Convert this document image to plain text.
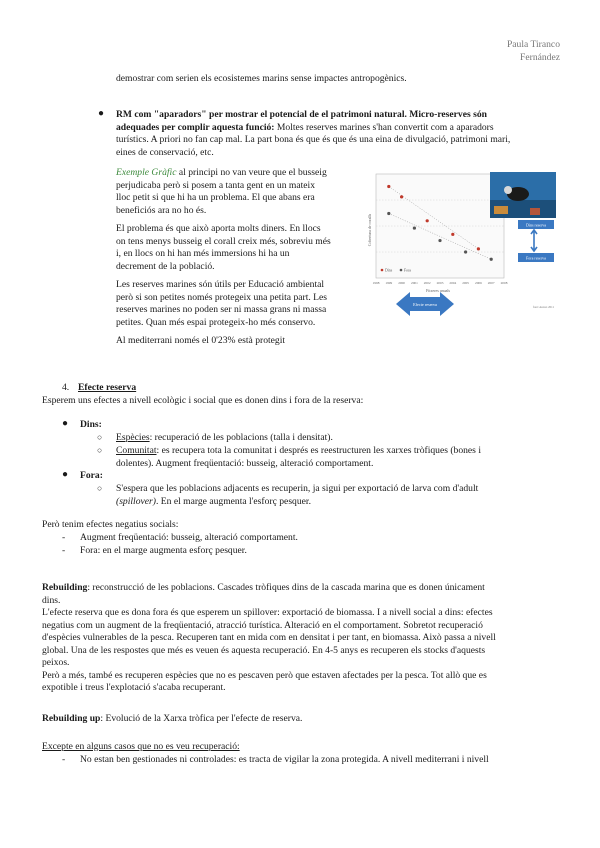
Paula Tiranco
Fernández
demostrar com serien els ecosistemes marins sense impactes antropogènics.
● RM com "aparadors" per mostrar el potencial de el patrimoni natural. Micro-reserves són
adequades per complir aquesta funció: Moltes reserves marines s'han convertit com a aparadors
turístics. A priori no fan cap mal. La part bona és que és que és una eina de divulgació, patrimoni mari,
eines de conservació, etc.
Exemple Gràfic al principi no van veure que el busseig
perjudicaba però si posem a tanta gent en un mateix
lloc petit si que hi ha un problema. El que abans era
beneficiós ara no ho és.
El problema és que això aporta molts diners. En llocs
on tens menys busseig el corall creix més, sobreviu més
i, en llocs on hi han més immersions hi ha un
decrement de la població.
Les reserves marines són útils per Educació ambiental
però si son petites només protegeix una petita part. Les
reserves marines no poden ser ni massa grans ni massa
petites. Quan més espai protegeix-ho més conservo.
Al mediterrani només el 0'23% està protegit
1998 1999 2000 2001 2002 2003 2004 2005 2006 2007 2008
Fitxeres anuals
Cobertura de coralls
Dins	Fora
Dins reserva
Fora reserva
Efecte reserva	font: Autors 2011
4. Efecte reserva
Esperem uns efectes a nivell ecològic i social que es donen dins i fora de la reserva:
● Dins:
○ Espècies: recuperació de les poblacions (talla i densitat).
○ Comunitat: es recupera tota la comunitat i després es reestructuren les xarxes tròfiques (bones i
dolentes). Augment freqüentació: busseig, alteració comportament.
● Fora:
○ S'espera que les poblacions adjacents es recuperin, ja sigui per exportació de larva com d'adult
(spillover). En el marge augmenta l'esforç pesquer.
Però tenim efectes negatius socials:
- Augment freqüentació: busseig, alteració comportament.
- Fora: en el marge augmenta esforç pesquer.
Rebuilding: reconstrucció de les poblacions. Cascades tròfiques dins de la cascada marina que es donen únicament
dins.
L'efecte reserva que es dona fora és que esperem un spillover: exportació de biomassa. I a nivell social a dins: efectes
negatius com un augment de la freqüentació, atracció turística. Alteració en el comportament. Sobretot recuperació
d'espècies vulnerables de la pesca. Recuperen tant en mida com en densitat i per tant, en biomassa. Això passa a nivell
global. Una de les respostes que més es veuen és aquesta recuperació. En 4-5 anys es recuperen els stocks d'aquests
peixos.
Però a més, també es recuperen espècies que no es pescaven però que estaven afectades per la pesca. Tot allò que es
expotible i treus l'explotació s'acaba recuperant.
Rebuilding up: Evolució de la Xarxa tròfica per l'efecte de reserva.
Excepte en alguns casos que no es veu recuperació:
- No estan ben gestionades ni controlades: es tracta de vigilar la zona protegida. A nivell mediterrani i nivell
